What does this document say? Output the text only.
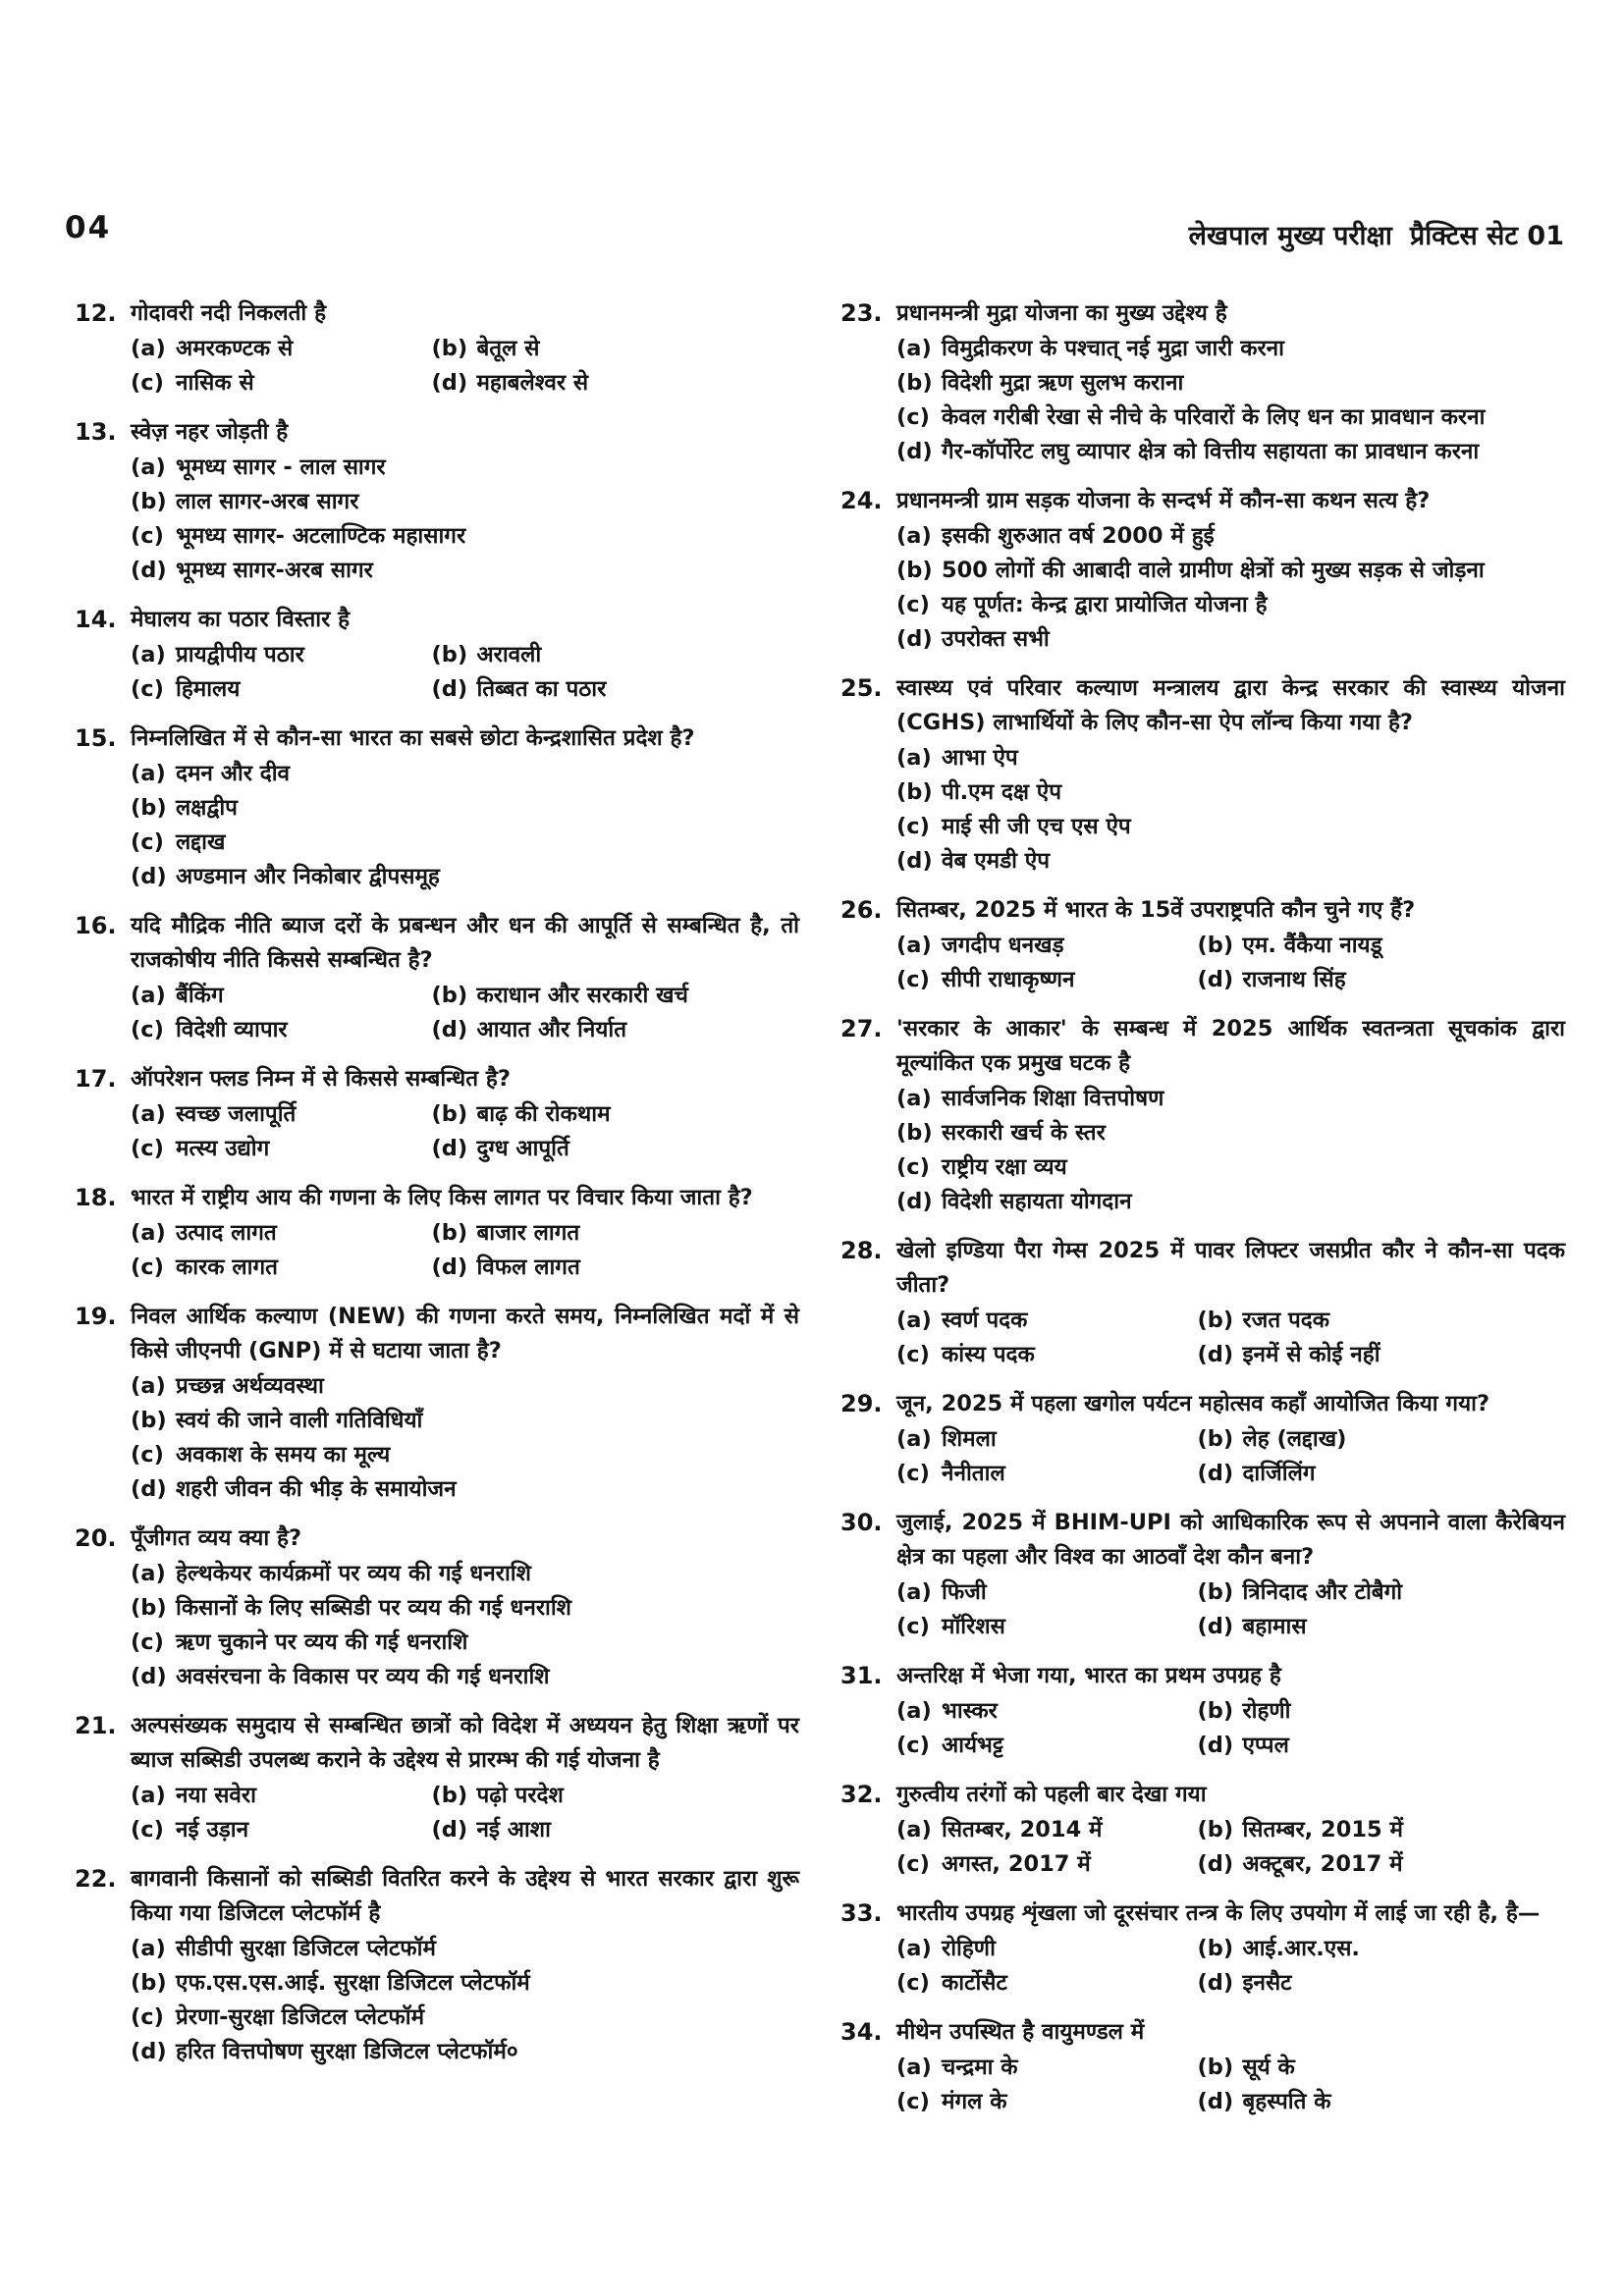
04	लेखपाल मुख्य परीक्षा प्रैक्टिस सेट 01
12. गोदावरी नदी निकलती है
(a) अमरकण्टक से	(b) बेतूल से
(c) नासिक से	(d) महाबलेश्वर से
13. स्वेज़ नहर जोड़ती है
(a) भूमध्य सागर - लाल सागर
(b) लाल सागर-अरब सागर
(c) भूमध्य सागर- अटलाण्टिक महासागर
(d) भूमध्य सागर-अरब सागर
14. मेघालय का पठार विस्तार है
(a) प्रायद्वीपीय पठार	(b) अरावली
(c) हिमालय	(d) तिब्बत का पठार
15. निम्नलिखित में से कौन-सा भारत का सबसे छोटा केन्द्रशासित प्रदेश है?
(a) दमन और दीव
(b) लक्षद्वीप
(c) लद्दाख
(d) अण्डमान और निकोबार द्वीपसमूह
16. यदि मौद्रिक नीति ब्याज दरों के प्रबन्धन और धन की आपूर्ति से सम्बन्धित है, तो राजकोषीय नीति किससे सम्बन्धित है?
(a) बैंकिंग	(b) कराधान और सरकारी खर्च
(c) विदेशी व्यापार	(d) आयात और निर्यात
17. ऑपरेशन फ्लड निम्न में से किससे सम्बन्धित है?
(a) स्वच्छ जलापूर्ति	(b) बाढ़ की रोकथाम
(c) मत्स्य उद्योग	(d) दुग्ध आपूर्ति
18. भारत में राष्ट्रीय आय की गणना के लिए किस लागत पर विचार किया जाता है?
(a) उत्पाद लागत	(b) बाजार लागत
(c) कारक लागत	(d) विफल लागत
19. निवल आर्थिक कल्याण (NEW) की गणना करते समय, निम्नलिखित मदों में से किसे जीएनपी (GNP) में से घटाया जाता है?
(a) प्रच्छन्न अर्थव्यवस्था
(b) स्वयं की जाने वाली गतिविधियाँ
(c) अवकाश के समय का मूल्य
(d) शहरी जीवन की भीड़ के समायोजन
20. पूँजीगत व्यय क्या है?
(a) हेल्थकेयर कार्यक्रमों पर व्यय की गई धनराशि
(b) किसानों के लिए सब्सिडी पर व्यय की गई धनराशि
(c) ऋण चुकाने पर व्यय की गई धनराशि
(d) अवसंरचना के विकास पर व्यय की गई धनराशि
21. अल्पसंख्यक समुदाय से सम्बन्धित छात्रों को विदेश में अध्ययन हेतु शिक्षा ऋणों पर ब्याज सब्सिडी उपलब्ध कराने के उद्देश्य से प्रारम्भ की गई योजना है
(a) नया सवेरा	(b) पढ़ो परदेश
(c) नई उड़ान	(d) नई आशा
22. बागवानी किसानों को सब्सिडी वितरित करने के उद्देश्य से भारत सरकार द्वारा शुरू किया गया डिजिटल प्लेटफॉर्म है
(a) सीडीपी सुरक्षा डिजिटल प्लेटफॉर्म
(b) एफ.एस.एस.आई. सुरक्षा डिजिटल प्लेटफॉर्म
(c) प्रेरणा-सुरक्षा डिजिटल प्लेटफॉर्म
(d) हरित वित्तपोषण सुरक्षा डिजिटल प्लेटफॉर्म०
23. प्रधानमन्त्री मुद्रा योजना का मुख्य उद्देश्य है
(a) विमुद्रीकरण के पश्चात् नई मुद्रा जारी करना
(b) विदेशी मुद्रा ऋण सुलभ कराना
(c) केवल गरीबी रेखा से नीचे के परिवारों के लिए धन का प्रावधान करना
(d) गैर-कॉर्पोरेट लघु व्यापार क्षेत्र को वित्तीय सहायता का प्रावधान करना
24. प्रधानमन्त्री ग्राम सड़क योजना के सन्दर्भ में कौन-सा कथन सत्य है?
(a) इसकी शुरुआत वर्ष 2000 में हुई
(b) 500 लोगों की आबादी वाले ग्रामीण क्षेत्रों को मुख्य सड़क से जोड़ना
(c) यह पूर्णत: केन्द्र द्वारा प्रायोजित योजना है
(d) उपरोक्त सभी
25. स्वास्थ्य एवं परिवार कल्याण मन्त्रालय द्वारा केन्द्र सरकार की स्वास्थ्य योजना (CGHS) लाभार्थियों के लिए कौन-सा ऐप लॉन्च किया गया है?
(a) आभा ऐप
(b) पी.एम दक्ष ऐप
(c) माई सी जी एच एस ऐप
(d) वेब एमडी ऐप
26. सितम्बर, 2025 में भारत के 15वें उपराष्ट्रपति कौन चुने गए हैं?
(a) जगदीप धनखड़	(b) एम. वैंकैया नायडू
(c) सीपी राधाकृष्णन	(d) राजनाथ सिंह
27. 'सरकार के आकार' के सम्बन्ध में 2025 आर्थिक स्वतन्त्रता सूचकांक द्वारा मूल्यांकित एक प्रमुख घटक है
(a) सार्वजनिक शिक्षा वित्तपोषण
(b) सरकारी खर्च के स्तर
(c) राष्ट्रीय रक्षा व्यय
(d) विदेशी सहायता योगदान
28. खेलो इण्डिया पैरा गेम्स 2025 में पावर लिफ्टर जसप्रीत कौर ने कौन-सा पदक जीता?
(a) स्वर्ण पदक	(b) रजत पदक
(c) कांस्य पदक	(d) इनमें से कोई नहीं
29. जून, 2025 में पहला खगोल पर्यटन महोत्सव कहाँ आयोजित किया गया?
(a) शिमला	(b) लेह (लद्दाख)
(c) नैनीताल	(d) दार्जिलिंग
30. जुलाई, 2025 में BHIM-UPI को आधिकारिक रूप से अपनाने वाला कैरेबियन क्षेत्र का पहला और विश्व का आठवाँ देश कौन बना?
(a) फिजी	(b) त्रिनिदाद और टोबैगो
(c) मॉरिशस	(d) बहामास
31. अन्तरिक्ष में भेजा गया, भारत का प्रथम उपग्रह है
(a) भास्कर	(b) रोहणी
(c) आर्यभट्ट	(d) एप्पल
32. गुरुत्वीय तरंगों को पहली बार देखा गया
(a) सितम्बर, 2014 में	(b) सितम्बर, 2015 में
(c) अगस्त, 2017 में	(d) अक्टूबर, 2017 में
33. भारतीय उपग्रह शृंखला जो दूरसंचार तन्त्र के लिए उपयोग में लाई जा रही है, है—
(a) रोहिणी	(b) आई.आर.एस.
(c) कार्टोसैट	(d) इनसैट
34. मीथेन उपस्थित है वायुमण्डल में
(a) चन्द्रमा के	(b) सूर्य के
(c) मंगल के	(d) बृहस्पति के
